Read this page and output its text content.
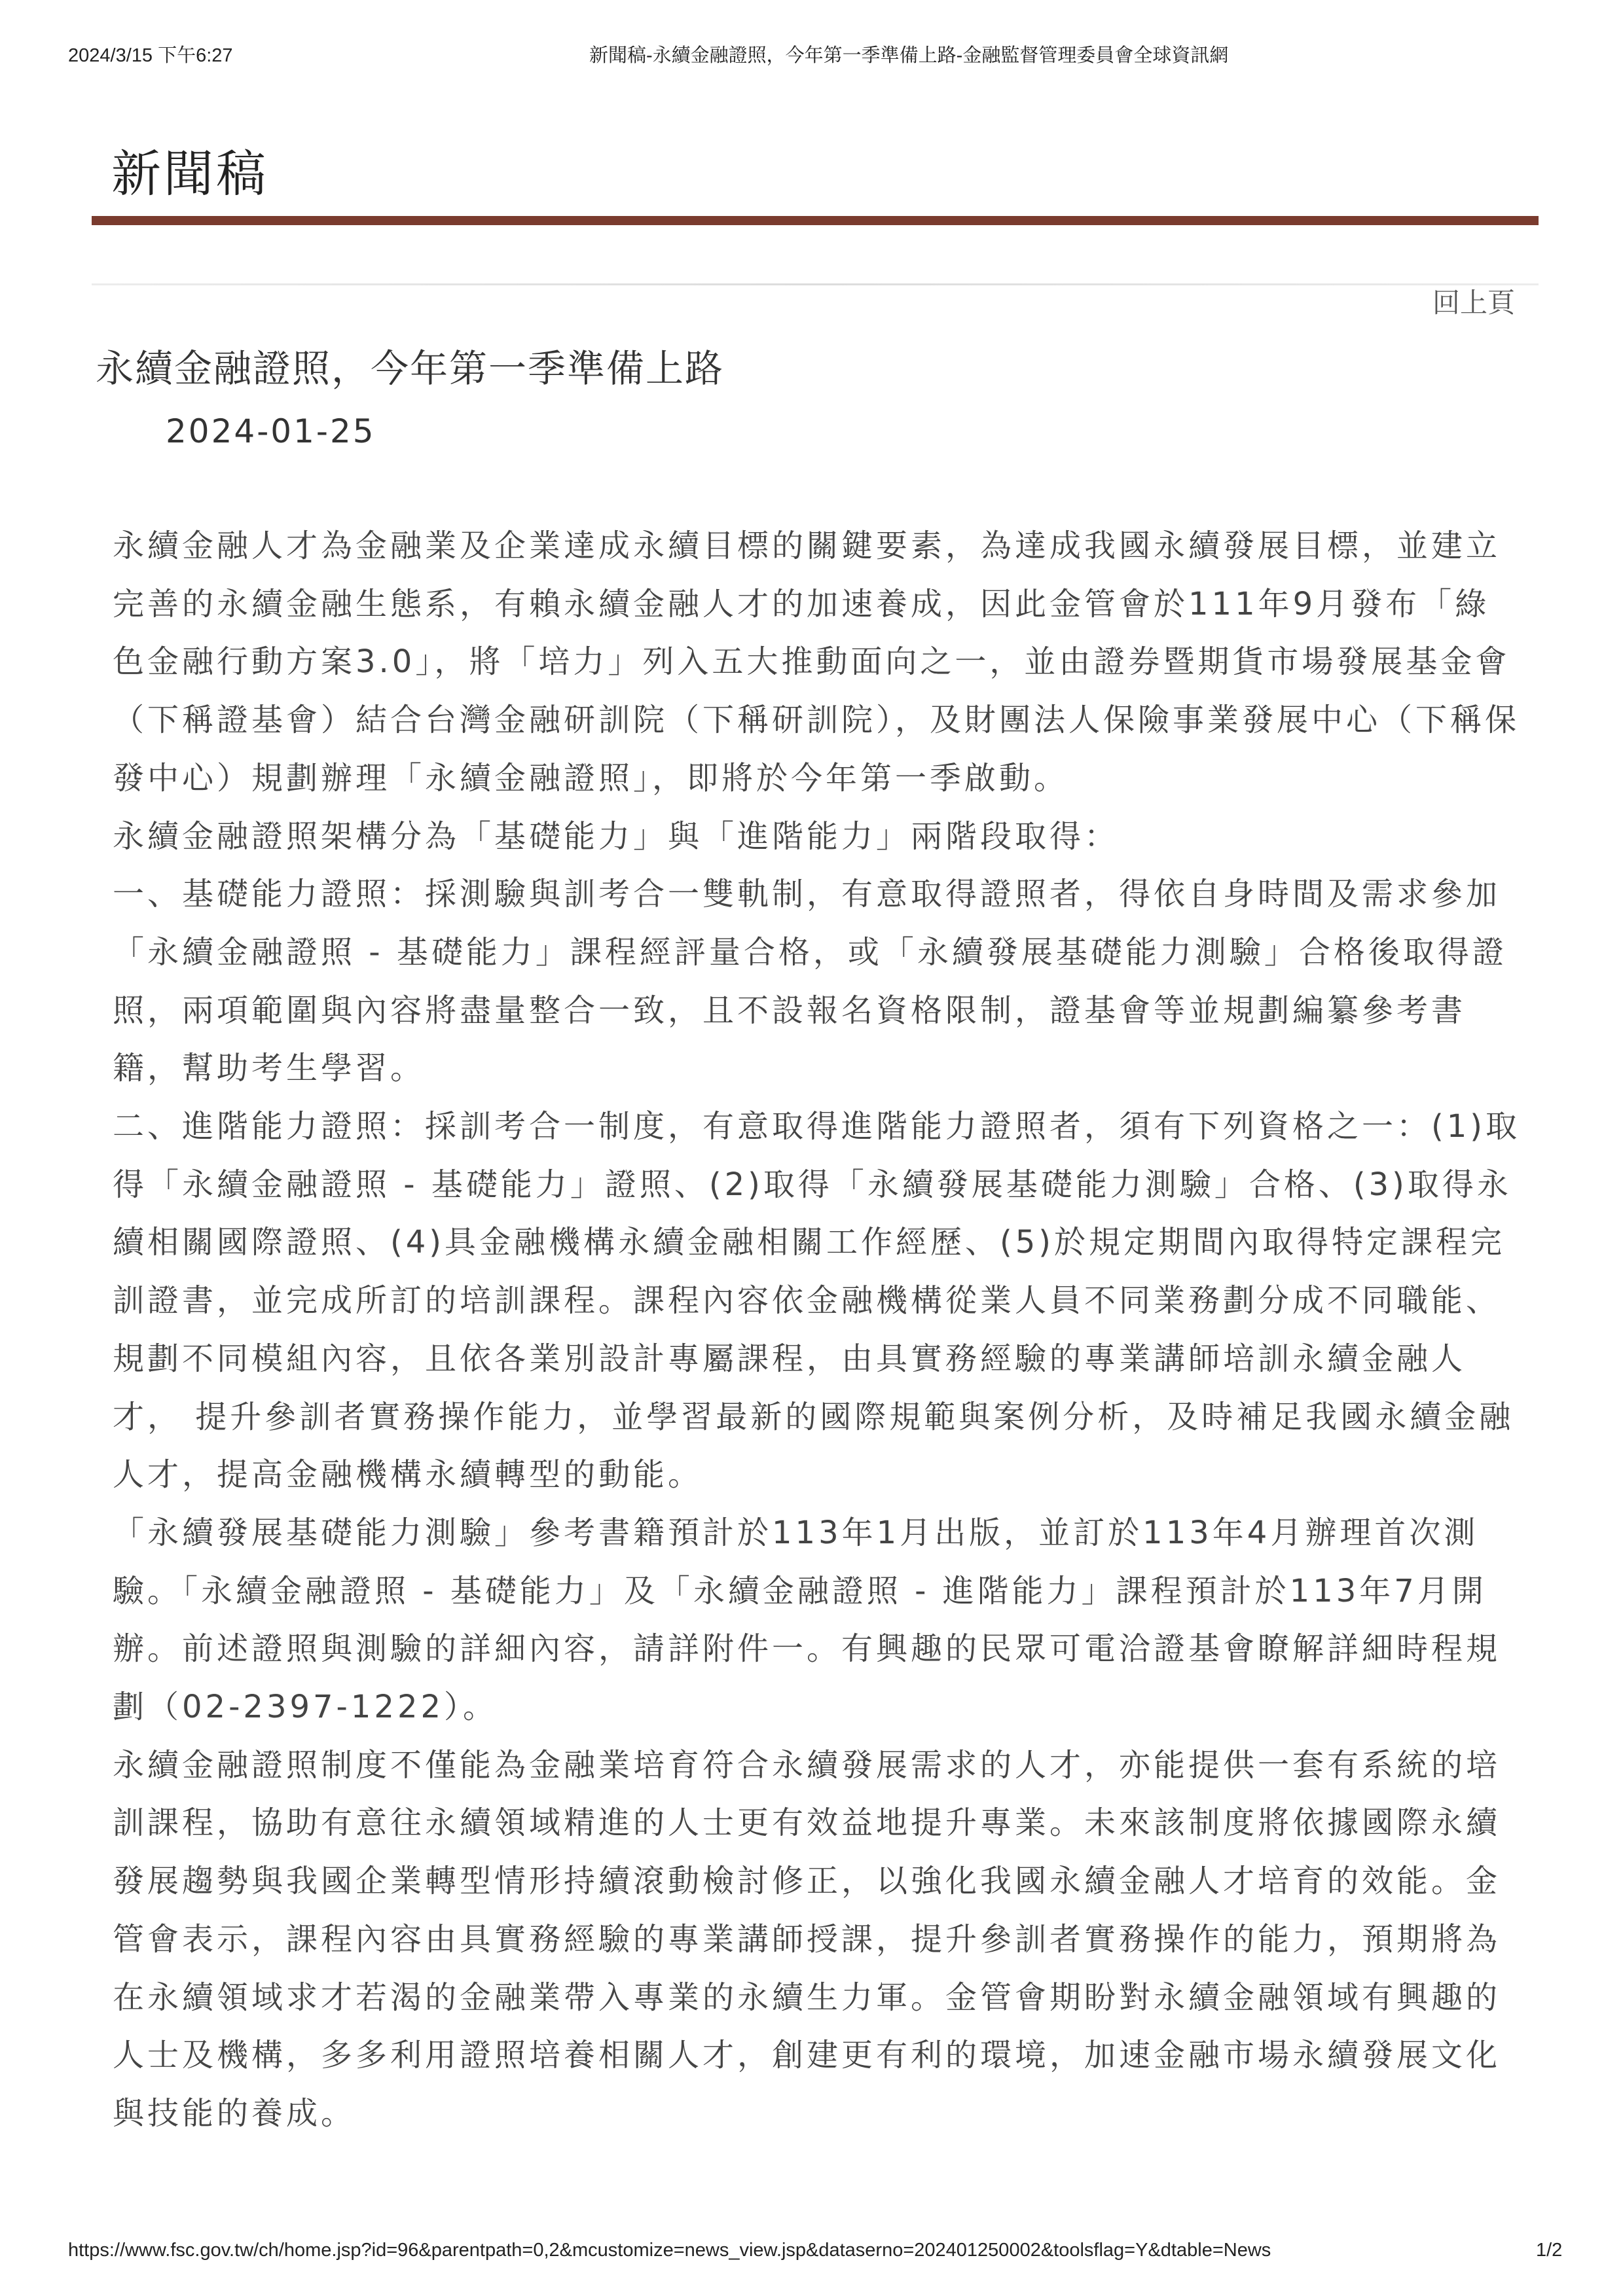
2024/3/15 下午6:27	新聞稿-永續金融證照，今年第一季準備上路-金融監督管理委員會全球資訊網
新聞稿
回上頁
永續金融證照，今年第一季準備上路
2024-01-25

永續金融人才為金融業及企業達成永續目標的關鍵要素，為達成我國永續發展目標，並建立完善的永續金融生態系，有賴永續金融人才的加速養成，因此金管會於111年9月發布「綠色金融行動方案3.0」，將「培力」列入五大推動面向之一，並由證券暨期貨市場發展基金會（下稱證基會）結合台灣金融研訓院（下稱研訓院），及財團法人保險事業發展中心（下稱保發中心）規劃辦理「永續金融證照」，即將於今年第一季啟動。

永續金融證照架構分為「基礎能力」與「進階能力」兩階段取得：

一、基礎能力證照：採測驗與訓考合一雙軌制，有意取得證照者，得依自身時間及需求參加「永續金融證照 - 基礎能力」課程經評量合格，或「永續發展基礎能力測驗」合格後取得證照，兩項範圍與內容將盡量整合一致，且不設報名資格限制，證基會等並規劃編纂參考書籍，幫助考生學習。

二、進階能力證照：採訓考合一制度，有意取得進階能力證照者，須有下列資格之一：(1)取得「永續金融證照 - 基礎能力」證照、(2)取得「永續發展基礎能力測驗」合格、(3)取得永續相關國際證照、(4)具金融機構永續金融相關工作經歷、(5)於規定期間內取得特定課程完訓證書，並完成所訂的培訓課程。課程內容依金融機構從業人員不同業務劃分成不同職能、規劃不同模組內容，且依各業別設計專屬課程，由具實務經驗的專業講師培訓永續金融人才， 提升參訓者實務操作能力，並學習最新的國際規範與案例分析，及時補足我國永續金融人才，提高金融機構永續轉型的動能。

「永續發展基礎能力測驗」參考書籍預計於113年1月出版，並訂於113年4月辦理首次測驗。「永續金融證照 - 基礎能力」及「永續金融證照 - 進階能力」課程預計於113年7月開辦。前述證照與測驗的詳細內容，請詳附件一。有興趣的民眾可電洽證基會瞭解詳細時程規劃（02-2397-1222）。

永續金融證照制度不僅能為金融業培育符合永續發展需求的人才，亦能提供一套有系統的培訓課程，協助有意往永續領域精進的人士更有效益地提升專業。未來該制度將依據國際永續發展趨勢與我國企業轉型情形持續滾動檢討修正，以強化我國永續金融人才培育的效能。金管會表示，課程內容由具實務經驗的專業講師授課，提升參訓者實務操作的能力，預期將為在永續領域求才若渴的金融業帶入專業的永續生力軍。金管會期盼對永續金融領域有興趣的人士及機構，多多利用證照培養相關人才，創建更有利的環境，加速金融市場永續發展文化與技能的養成。

https://www.fsc.gov.tw/ch/home.jsp?id=96&parentpath=0,2&mcustomize=news_view.jsp&dataserno=202401250002&toolsflag=Y&dtable=News	1/2
